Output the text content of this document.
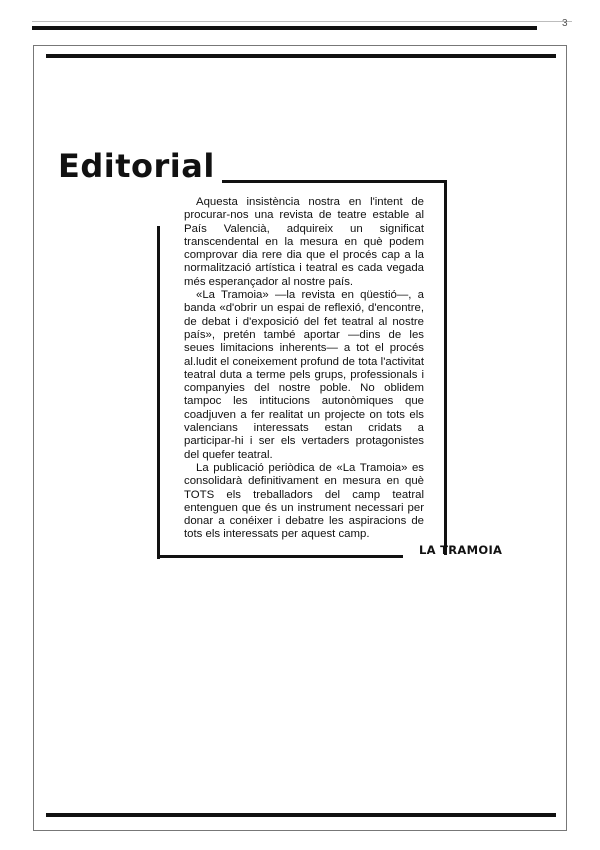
3
Editorial

Aquesta insistència nostra en l'intent de procurar-nos una revista de teatre estable al País Valencià, adquireix un significat transcendental en la mesura en què podem comprovar dia rere dia que el procés cap a la normalització artística i teatral es cada vegada més esperançador al nostre país.

«La Tramoia» —la revista en qüestió—, a banda «d'obrir un espai de reflexió, d'encontre, de debat i d'exposició del fet teatral al nostre país», pretén també aportar —dins de les seues limitacions inherents— a tot el procés al.ludit el coneixement profund de tota l'activitat teatral duta a terme pels grups, professionals i companyies del nostre poble. No oblidem tampoc les intitucions autonòmiques que coadjuven a fer realitat un projecte on tots els valencians interessats estan cridats a participar-hi i ser els vertaders protagonistes del quefer teatral.

La publicació periòdica de «La Tramoia» es consolidarà definitivament en mesura en què TOTS els treballadors del camp teatral entenguen que és un instrument necessari per donar a conéixer i debatre les aspiracions de tots els interessats per aquest camp.

LA TRAMOIA
